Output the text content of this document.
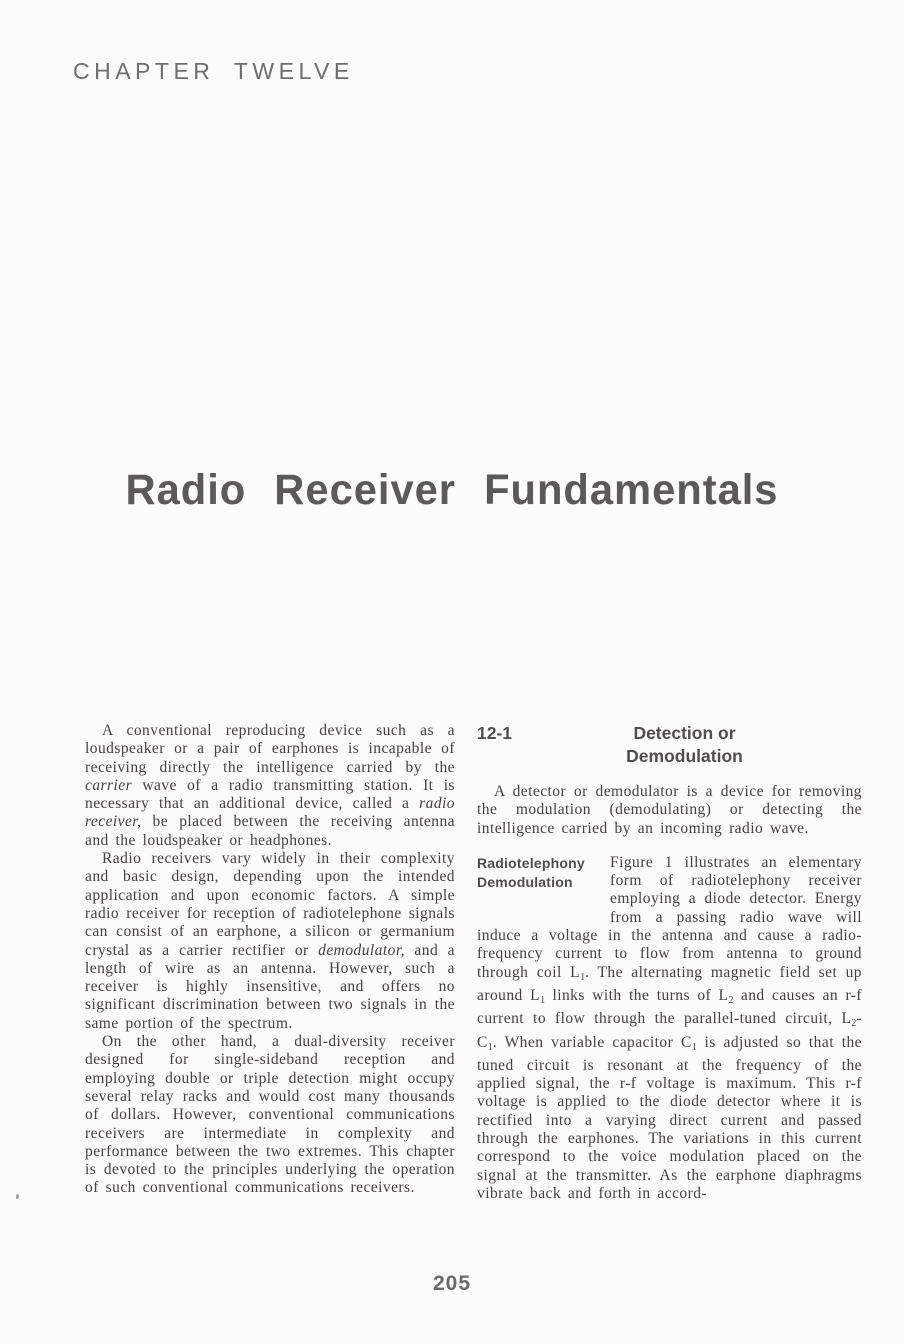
CHAPTER TWELVE
Radio Receiver Fundamentals

A conventional reproducing device such as a loudspeaker or a pair of earphones is incapable of receiving directly the intelligence carried by the carrier wave of a radio transmitting station. It is necessary that an additional device, called a radio receiver, be placed between the receiving antenna and the loudspeaker or headphones.

Radio receivers vary widely in their complexity and basic design, depending upon the intended application and upon economic factors. A simple radio receiver for reception of radiotelephone signals can consist of an earphone, a silicon or germanium crystal as a carrier rectifier or demodulator, and a length of wire as an antenna. However, such a receiver is highly insensitive, and offers no significant discrimination between two signals in the same portion of the spectrum.

On the other hand, a dual-diversity receiver designed for single-sideband reception and employing double or triple detection might occupy several relay racks and would cost many thousands of dollars. However, conventional communications receivers are intermediate in complexity and performance between the two extremes. This chapter is devoted to the principles underlying the operation of such conventional communications receivers.

12-1	Detection or
Demodulation

A detector or demodulator is a device for removing the modulation (demodulating) or detecting the intelligence carried by an incoming radio wave.

Radiotelephony
Demodulation
Figure 1 illustrates an elementary form of radiotelephony receiver employing a diode detector. Energy from a passing radio wave will induce a voltage in the antenna and cause a radio-frequency current to flow from antenna to ground through coil L1. The alternating magnetic field set up around L1 links with the turns of L2 and causes an r-f current to flow through the parallel-tuned circuit, L2-C1. When variable capacitor C1 is adjusted so that the tuned circuit is resonant at the frequency of the applied signal, the r-f voltage is maximum. This r-f voltage is applied to the diode detector where it is rectified into a varying direct current and passed through the earphones. The variations in this current correspond to the voice modulation placed on the signal at the transmitter. As the earphone diaphragms vibrate back and forth in accord-

205
